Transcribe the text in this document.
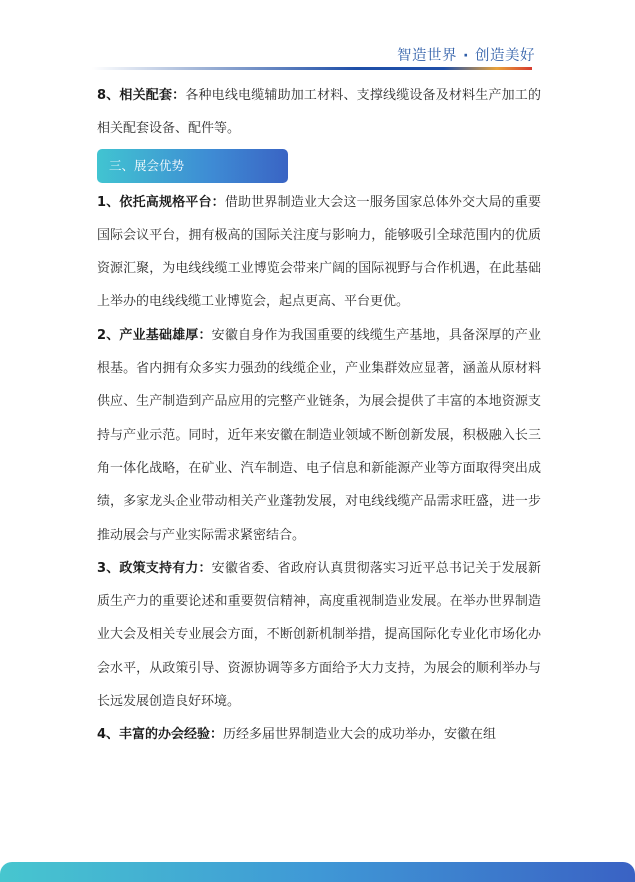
智造世界 · 创造美好

8、相关配套：各种电线电缆辅助加工材料、支撑线缆设备及材料生产加工的相关配套设备、配件等。

三、展会优势

1、依托高规格平台：借助世界制造业大会这一服务国家总体外交大局的重要国际会议平台，拥有极高的国际关注度与影响力，能够吸引全球范围内的优质资源汇聚，为电线线缆工业博览会带来广阔的国际视野与合作机遇，在此基础上举办的电线线缆工业博览会，起点更高、平台更优。

2、产业基础雄厚：安徽自身作为我国重要的线缆生产基地，具备深厚的产业根基。省内拥有众多实力强劲的线缆企业，产业集群效应显著，涵盖从原材料供应、生产制造到产品应用的完整产业链条，为展会提供了丰富的本地资源支持与产业示范。同时，近年来安徽在制造业领域不断创新发展，积极融入长三角一体化战略，在矿业、汽车制造、电子信息和新能源产业等方面取得突出成绩，多家龙头企业带动相关产业蓬勃发展，对电线线缆产品需求旺盛，进一步推动展会与产业实际需求紧密结合。

3、政策支持有力：安徽省委、省政府认真贯彻落实习近平总书记关于发展新质生产力的重要论述和重要贺信精神，高度重视制造业发展。在举办世界制造业大会及相关专业展会方面，不断创新机制举措，提高国际化专业化市场化办会水平，从政策引导、资源协调等多方面给予大力支持，为展会的顺利举办与长远发展创造良好环境。

4、丰富的办会经验：历经多届世界制造业大会的成功举办，安徽在组
